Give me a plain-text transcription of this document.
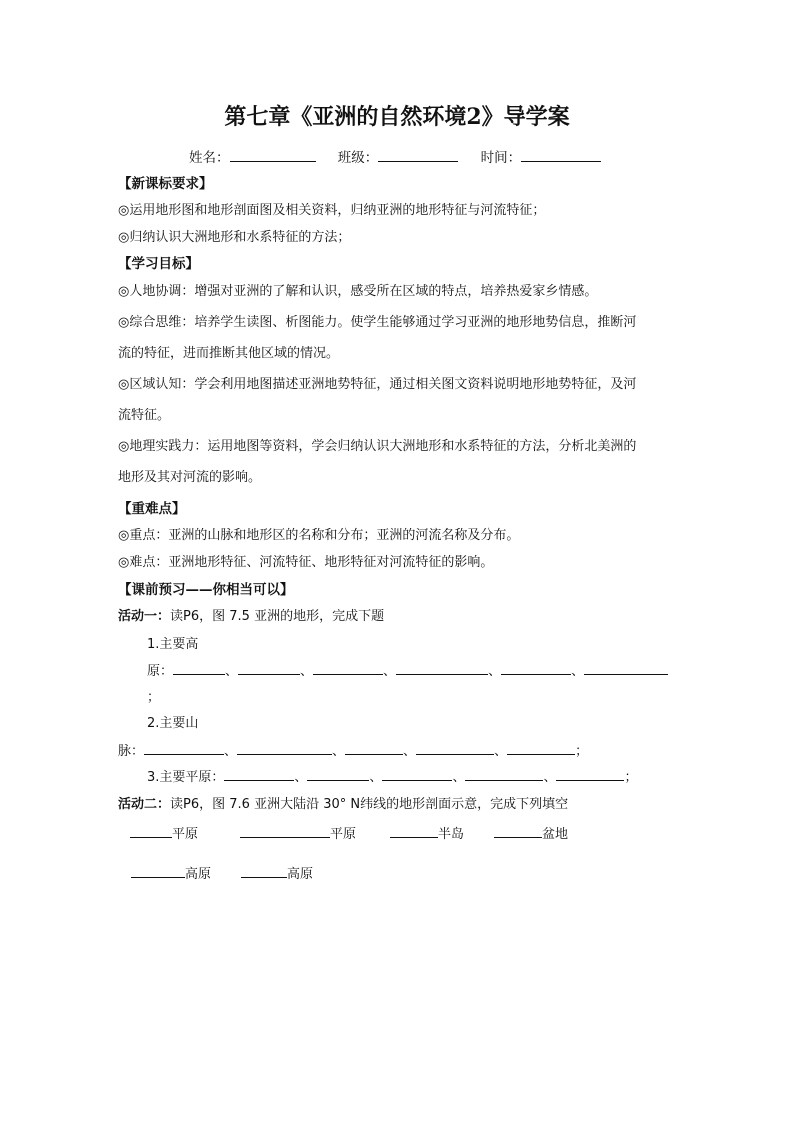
第七章《亚洲的自然环境2》导学案
姓名：	班级：	时间：
【新课标要求】
◎运用地形图和地形剖面图及相关资料，归纳亚洲的地形特征与河流特征；
◎归纳认识大洲地形和水系特征的方法；
【学习目标】
◎人地协调：增强对亚洲的了解和认识，感受所在区域的特点，培养热爱家乡情感。
◎综合思维：培养学生读图、析图能力。使学生能够通过学习亚洲的地形地势信息，推断河
流的特征，进而推断其他区域的情况。
◎区域认知：学会利用地图描述亚洲地势特征，通过相关图文资料说明地形地势特征，及河
流特征。
◎地理实践力：运用地图等资料，学会归纳认识大洲地形和水系特征的方法，分析北美洲的
地形及其对河流的影响。
【重难点】
◎重点：亚洲的山脉和地形区的名称和分布；亚洲的河流名称及分布。
◎难点：亚洲地形特征、河流特征、地形特征对河流特征的影响。
【课前预习——你相当可以】
活动一：读P6，图 7.5 亚洲的地形，完成下题
1.主要高
原：	、	、	、	、	、
；
2.主要山
脉：	、	、	、	、	；
3.主要平原：	、	、	、	、	；
活动二：读P6，图 7.6 亚洲大陆沿 30° N纬线的地形剖面示意，完成下列填空
平原	平原	半岛	盆地
高原	高原
